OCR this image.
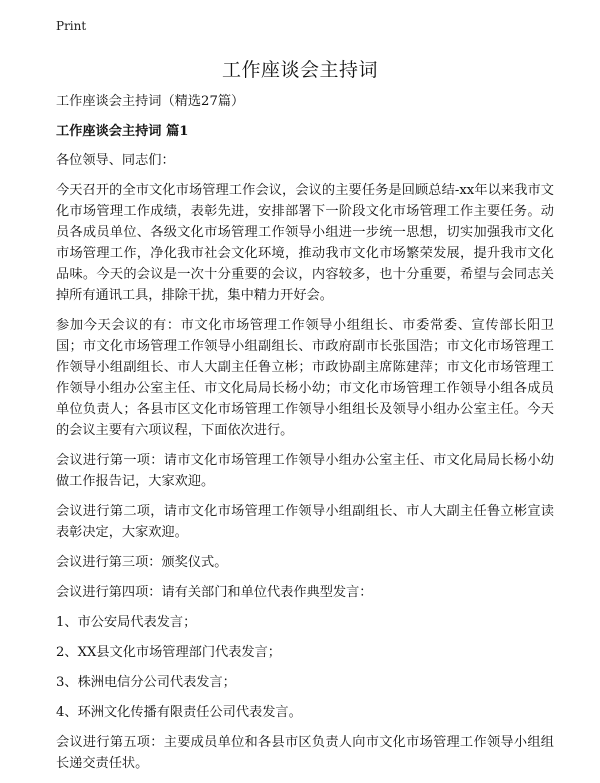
Print
工作座谈会主持词

工作座谈会主持词（精选27篇）

工作座谈会主持词 篇1

各位领导、同志们：

今天召开的全市文化市场管理工作会议，会议的主要任务是回顾总结-xx年以来我市文化市场管理工作成绩，表彰先进，安排部署下一阶段文化市场管理工作主要任务。动员各成员单位、各级文化市场管理工作领导小组进一步统一思想，切实加强我市文化市场管理工作，净化我市社会文化环境，推动我市文化市场繁荣发展，提升我市文化品味。今天的会议是一次十分重要的会议，内容较多，也十分重要，希望与会同志关掉所有通讯工具，排除干扰，集中精力开好会。

参加今天会议的有：市文化市场管理工作领导小组组长、市委常委、宣传部长阳卫国；市文化市场管理工作领导小组副组长、市政府副市长张国浩；市文化市场管理工作领导小组副组长、市人大副主任鲁立彬；市政协副主席陈建萍；市文化市场管理工作领导小组办公室主任、市文化局局长杨小幼；市文化市场管理工作领导小组各成员单位负责人；各县市区文化市场管理工作领导小组组长及领导小组办公室主任。今天的会议主要有六项议程，下面依次进行。

会议进行第一项：请市文化市场管理工作领导小组办公室主任、市文化局局长杨小幼做工作报告记，大家欢迎。

会议进行第二项，请市文化市场管理工作领导小组副组长、市人大副主任鲁立彬宣读表彰决定，大家欢迎。

会议进行第三项：颁奖仪式。

会议进行第四项：请有关部门和单位代表作典型发言：

1、市公安局代表发言；

2、XX县文化市场管理部门代表发言；

3、株洲电信分公司代表发言；

4、环洲文化传播有限责任公司代表发言。

会议进行第五项：主要成员单位和各县市区负责人向市文化市场管理工作领导小组组长递交责任状。
